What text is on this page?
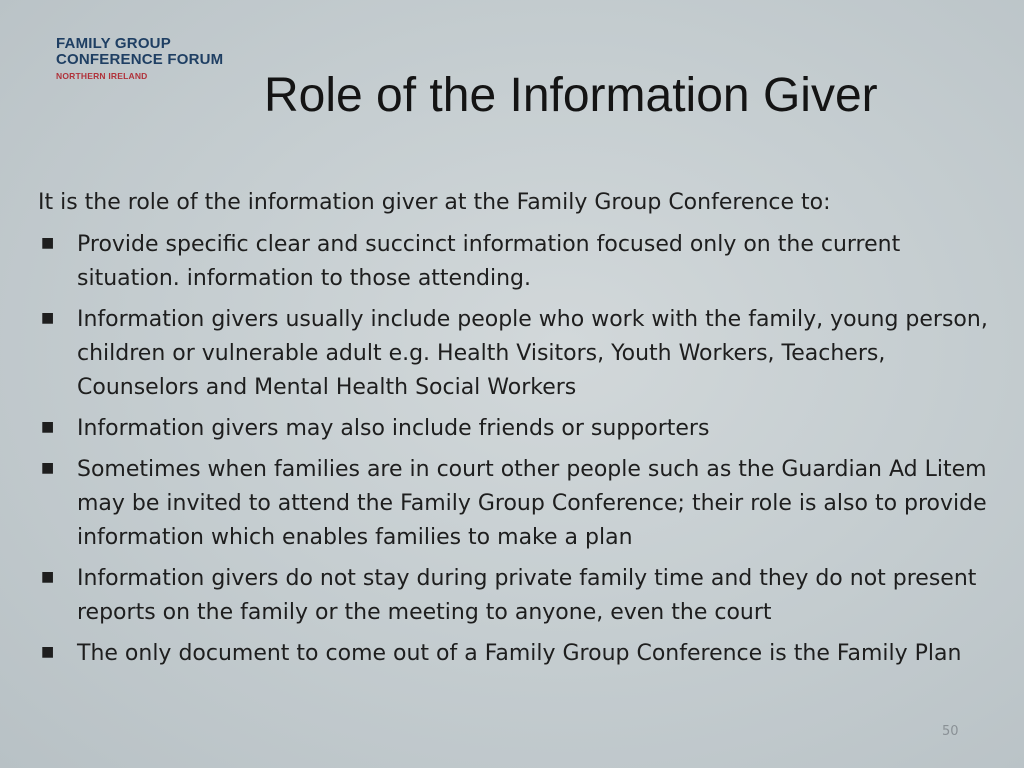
FAMILY GROUP
CONFERENCE FORUM
NORTHERN IRELAND	Role of the Information Giver

It is the role of the information giver at the Family Group Conference to:

■ Provide specific clear and succinct information focused only on the current situation. information to those attending.
■ Information givers usually include people who work with the family, young person, children or vulnerable adult e.g. Health Visitors, Youth Workers, Teachers, Counselors and Mental Health Social Workers
■ Information givers may also include friends or supporters
■ Sometimes when families are in court other people such as the Guardian Ad Litem may be invited to attend the Family Group Conference; their role is also to provide information which enables families to make a plan
■ Information givers do not stay during private family time and they do not present reports on the family or the meeting to anyone, even the court
■ The only document to come out of a Family Group Conference is the Family Plan
50
